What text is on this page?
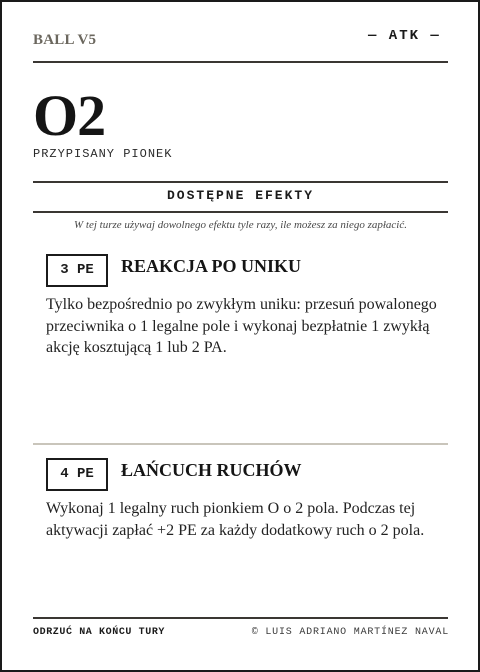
BALL V5	— ATK —
O2
PRZYPISANY PIONEK
DOSTĘPNE EFEKTY
W tej turze używaj dowolnego efektu tyle razy, ile możesz za niego zapłacić.
3 PE	REAKCJA PO UNIKU
Tylko bezpośrednio po zwykłym uniku: przesuń powalonego przeciwnika o 1 legalne pole i wykonaj bezpłatnie 1 zwykłą akcję kosztującą 1 lub 2 PA.
4 PE	ŁAŃCUCH RUCHÓW
Wykonaj 1 legalny ruch pionkiem O o 2 pola. Podczas tej aktywacji zapłać +2 PE za każdy dodatkowy ruch o 2 pola.
ODRZUĆ NA KOŃCU TURY	© LUIS ADRIANO MARTÍNEZ NAVAL
